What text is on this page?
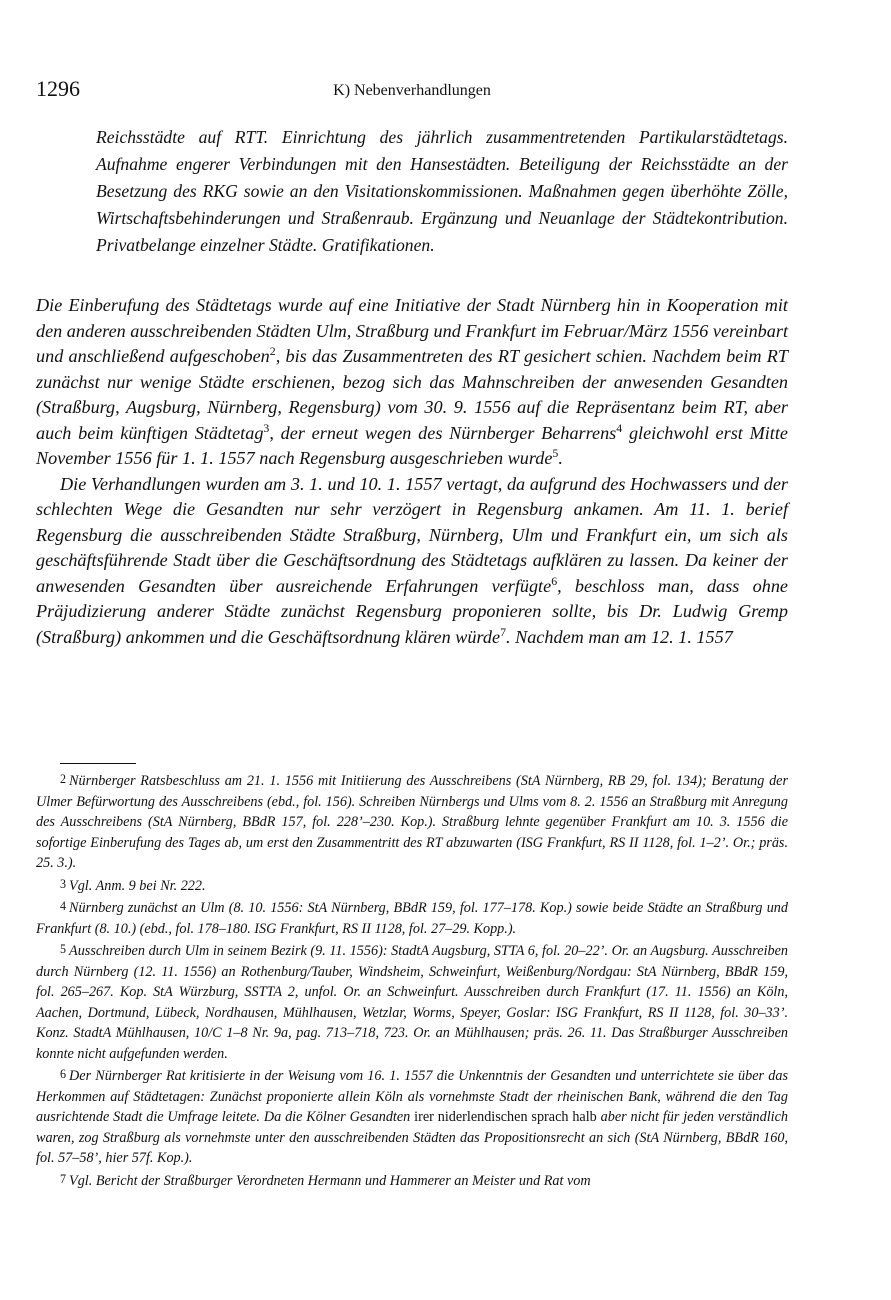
1296	K) Nebenverhandlungen

Reichsstädte auf RTT. Einrichtung des jährlich zusammentretenden Partikularstädtetags. Aufnahme engerer Verbindungen mit den Hansestädten. Beteiligung der Reichsstädte an der Besetzung des RKG sowie an den Visitationskommissionen. Maßnahmen gegen überhöhte Zölle, Wirtschaftsbehinderungen und Straßenraub. Ergänzung und Neuanlage der Städtekontribution. Privatbelange einzelner Städte. Gratifikationen.

Die Einberufung des Städtetags wurde auf eine Initiative der Stadt Nürnberg hin in Kooperation mit den anderen ausschreibenden Städten Ulm, Straßburg und Frankfurt im Februar/März 1556 vereinbart und anschließend aufgeschoben$^2$, bis das Zusammentreten des RT gesichert schien. Nachdem beim RT zunächst nur wenige Städte erschienen, bezog sich das Mahnschreiben der anwesenden Gesandten (Straßburg, Augsburg, Nürnberg, Regensburg) vom 30. 9. 1556 auf die Repräsentanz beim RT, aber auch beim künftigen Städtetag$^3$, der erneut wegen des Nürnberger Beharrens$^4$ gleichwohl erst Mitte November 1556 für 1. 1. 1557 nach Regensburg ausgeschrieben wurde$^5$.

Die Verhandlungen wurden am 3. 1. und 10. 1. 1557 vertagt, da aufgrund des Hochwassers und der schlechten Wege die Gesandten nur sehr verzögert in Regensburg ankamen. Am 11. 1. berief Regensburg die ausschreibenden Städte Straßburg, Nürnberg, Ulm und Frankfurt ein, um sich als geschäftsführende Stadt über die Geschäftsordnung des Städtetags aufklären zu lassen. Da keiner der anwesenden Gesandten über ausreichende Erfahrungen verfügte$^6$, beschloss man, dass ohne Präjudizierung anderer Städte zunächst Regensburg proponieren sollte, bis Dr. Ludwig Gremp (Straßburg) ankommen und die Geschäftsordnung klären würde$^7$. Nachdem man am 12. 1. 1557

2 Nürnberger Ratsbeschluss am 21. 1. 1556 mit Initiierung des Ausschreibens (StA Nürnberg, RB 29, fol. 134); Beratung der Ulmer Befürwortung des Ausschreibens (ebd., fol. 156). Schreiben Nürnbergs und Ulms vom 8. 2. 1556 an Straßburg mit Anregung des Ausschreibens (StA Nürnberg, BBdR 157, fol. 228’–230. Kop.). Straßburg lehnte gegenüber Frankfurt am 10. 3. 1556 die sofortige Einberufung des Tages ab, um erst den Zusammentritt des RT abzuwarten (ISG Frankfurt, RS II 1128, fol. 1–2’. Or.; präs. 25. 3.).

3 Vgl. Anm. 9 bei Nr. 222.

4 Nürnberg zunächst an Ulm (8. 10. 1556: StA Nürnberg, BBdR 159, fol. 177–178. Kop.) sowie beide Städte an Straßburg und Frankfurt (8. 10.) (ebd., fol. 178–180. ISG Frankfurt, RS II 1128, fol. 27–29. Kopp.).

5 Ausschreiben durch Ulm in seinem Bezirk (9. 11. 1556): StadtA Augsburg, STTA 6, fol. 20–22’. Or. an Augsburg. Ausschreiben durch Nürnberg (12. 11. 1556) an Rothenburg/Tauber, Windsheim, Schweinfurt, Weißenburg/Nordgau: StA Nürnberg, BBdR 159, fol. 265–267. Kop. StA Würzburg, SSTTA 2, unfol. Or. an Schweinfurt. Ausschreiben durch Frankfurt (17. 11. 1556) an Köln, Aachen, Dortmund, Lübeck, Nordhausen, Mühlhausen, Wetzlar, Worms, Speyer, Goslar: ISG Frankfurt, RS II 1128, fol. 30–33’. Konz. StadtA Mühlhausen, 10/C 1–8 Nr. 9a, pag. 713–718, 723. Or. an Mühlhausen; präs. 26. 11. Das Straßburger Ausschreiben konnte nicht aufgefunden werden.

6 Der Nürnberger Rat kritisierte in der Weisung vom 16. 1. 1557 die Unkenntnis der Gesandten und unterrichtete sie über das Herkommen auf Städtetagen: Zunächst proponierte allein Köln als vornehmste Stadt der rheinischen Bank, während die den Tag ausrichtende Stadt die Umfrage leitete. Da die Kölner Gesandten irer niderlendischen sprach halb aber nicht für jeden verständlich waren, zog Straßburg als vornehmste unter den ausschreibenden Städten das Propositionsrecht an sich (StA Nürnberg, BBdR 160, fol. 57–58’, hier 57f. Kop.).

7 Vgl. Bericht der Straßburger Verordneten Hermann und Hammerer an Meister und Rat vom
